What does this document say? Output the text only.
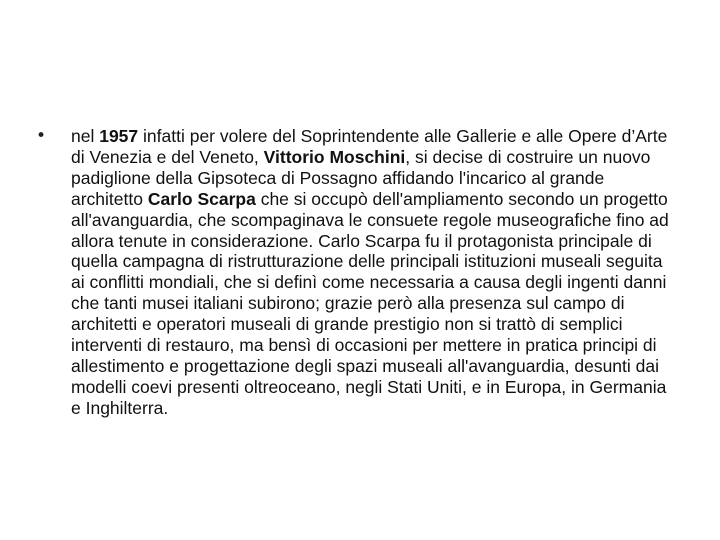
•	nel 1957 infatti per volere del Soprintendente alle Gallerie e alle Opere d’Arte di Venezia e del Veneto, Vittorio Moschini, si decise di costruire un nuovo padiglione della Gipsoteca di Possagno affidando l'incarico al grande architetto Carlo Scarpa che si occupò dell'ampliamento secondo un progetto all'avanguardia, che scompaginava le consuete regole museografiche fino ad allora tenute in considerazione. Carlo Scarpa fu il protagonista principale di quella campagna di ristrutturazione delle principali istituzioni museali seguita ai conflitti mondiali, che si definì come necessaria a causa degli ingenti danni che tanti musei italiani subirono; grazie però alla presenza sul campo di architetti e operatori museali di grande prestigio non si trattò di semplici interventi di restauro, ma bensì di occasioni per mettere in pratica principi di allestimento e progettazione degli spazi museali all'avanguardia, desunti dai modelli coevi presenti oltreoceano, negli Stati Uniti, e in Europa, in Germania e Inghilterra.
